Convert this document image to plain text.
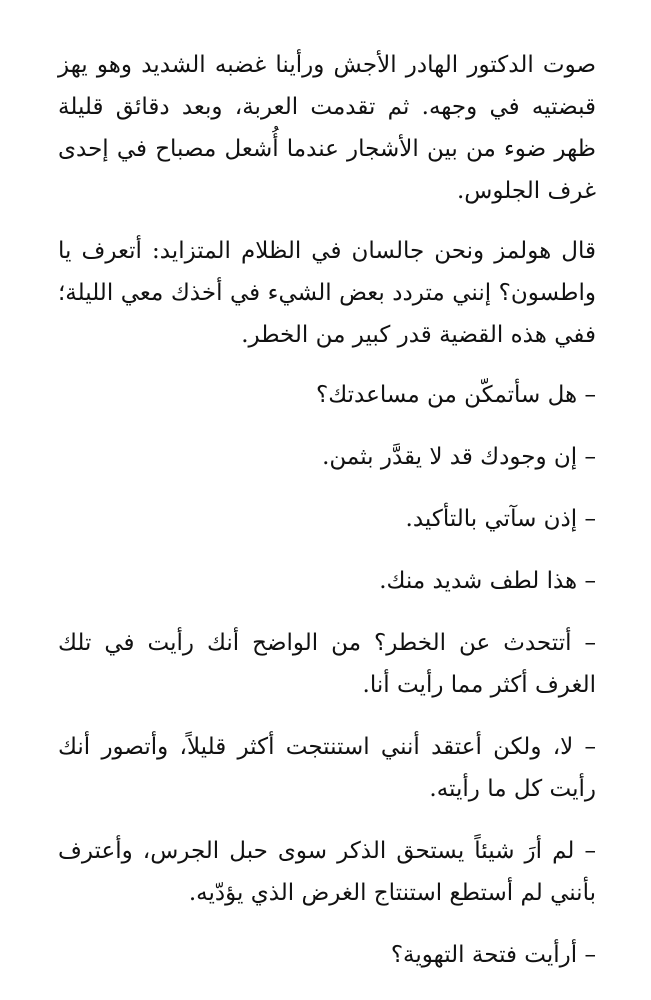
صوت الدكتور الهادر الأجش ورأينا غضبه الشديد وهو يهز قبضتيه في وجهه. ثم تقدمت العربة، وبعد دقائق قليلة ظهر ضوء من بين الأشجار عندما أُشعل مصباح في إحدى غرف الجلوس.

قال هولمز ونحن جالسان في الظلام المتزايد: أتعرف يا واطسون؟ إنني متردد بعض الشيء في أخذك معي الليلة؛ ففي هذه القضية قدر كبير من الخطر.

– هل سأتمكّن من مساعدتك؟

– إن وجودك قد لا يقدَّر بثمن.

– إذن سآتي بالتأكيد.

– هذا لطف شديد منك.

– أتتحدث عن الخطر؟ من الواضح أنك رأيت في تلك الغرف أكثر مما رأيت أنا.

– لا، ولكن أعتقد أنني استنتجت أكثر قليلاً، وأتصور أنك رأيت كل ما رأيته.

– لم أرَ شيئاً يستحق الذكر سوى حبل الجرس، وأعترف بأنني لم أستطع استنتاج الغرض الذي يؤدّيه.

– أرأيت فتحة التهوية؟
